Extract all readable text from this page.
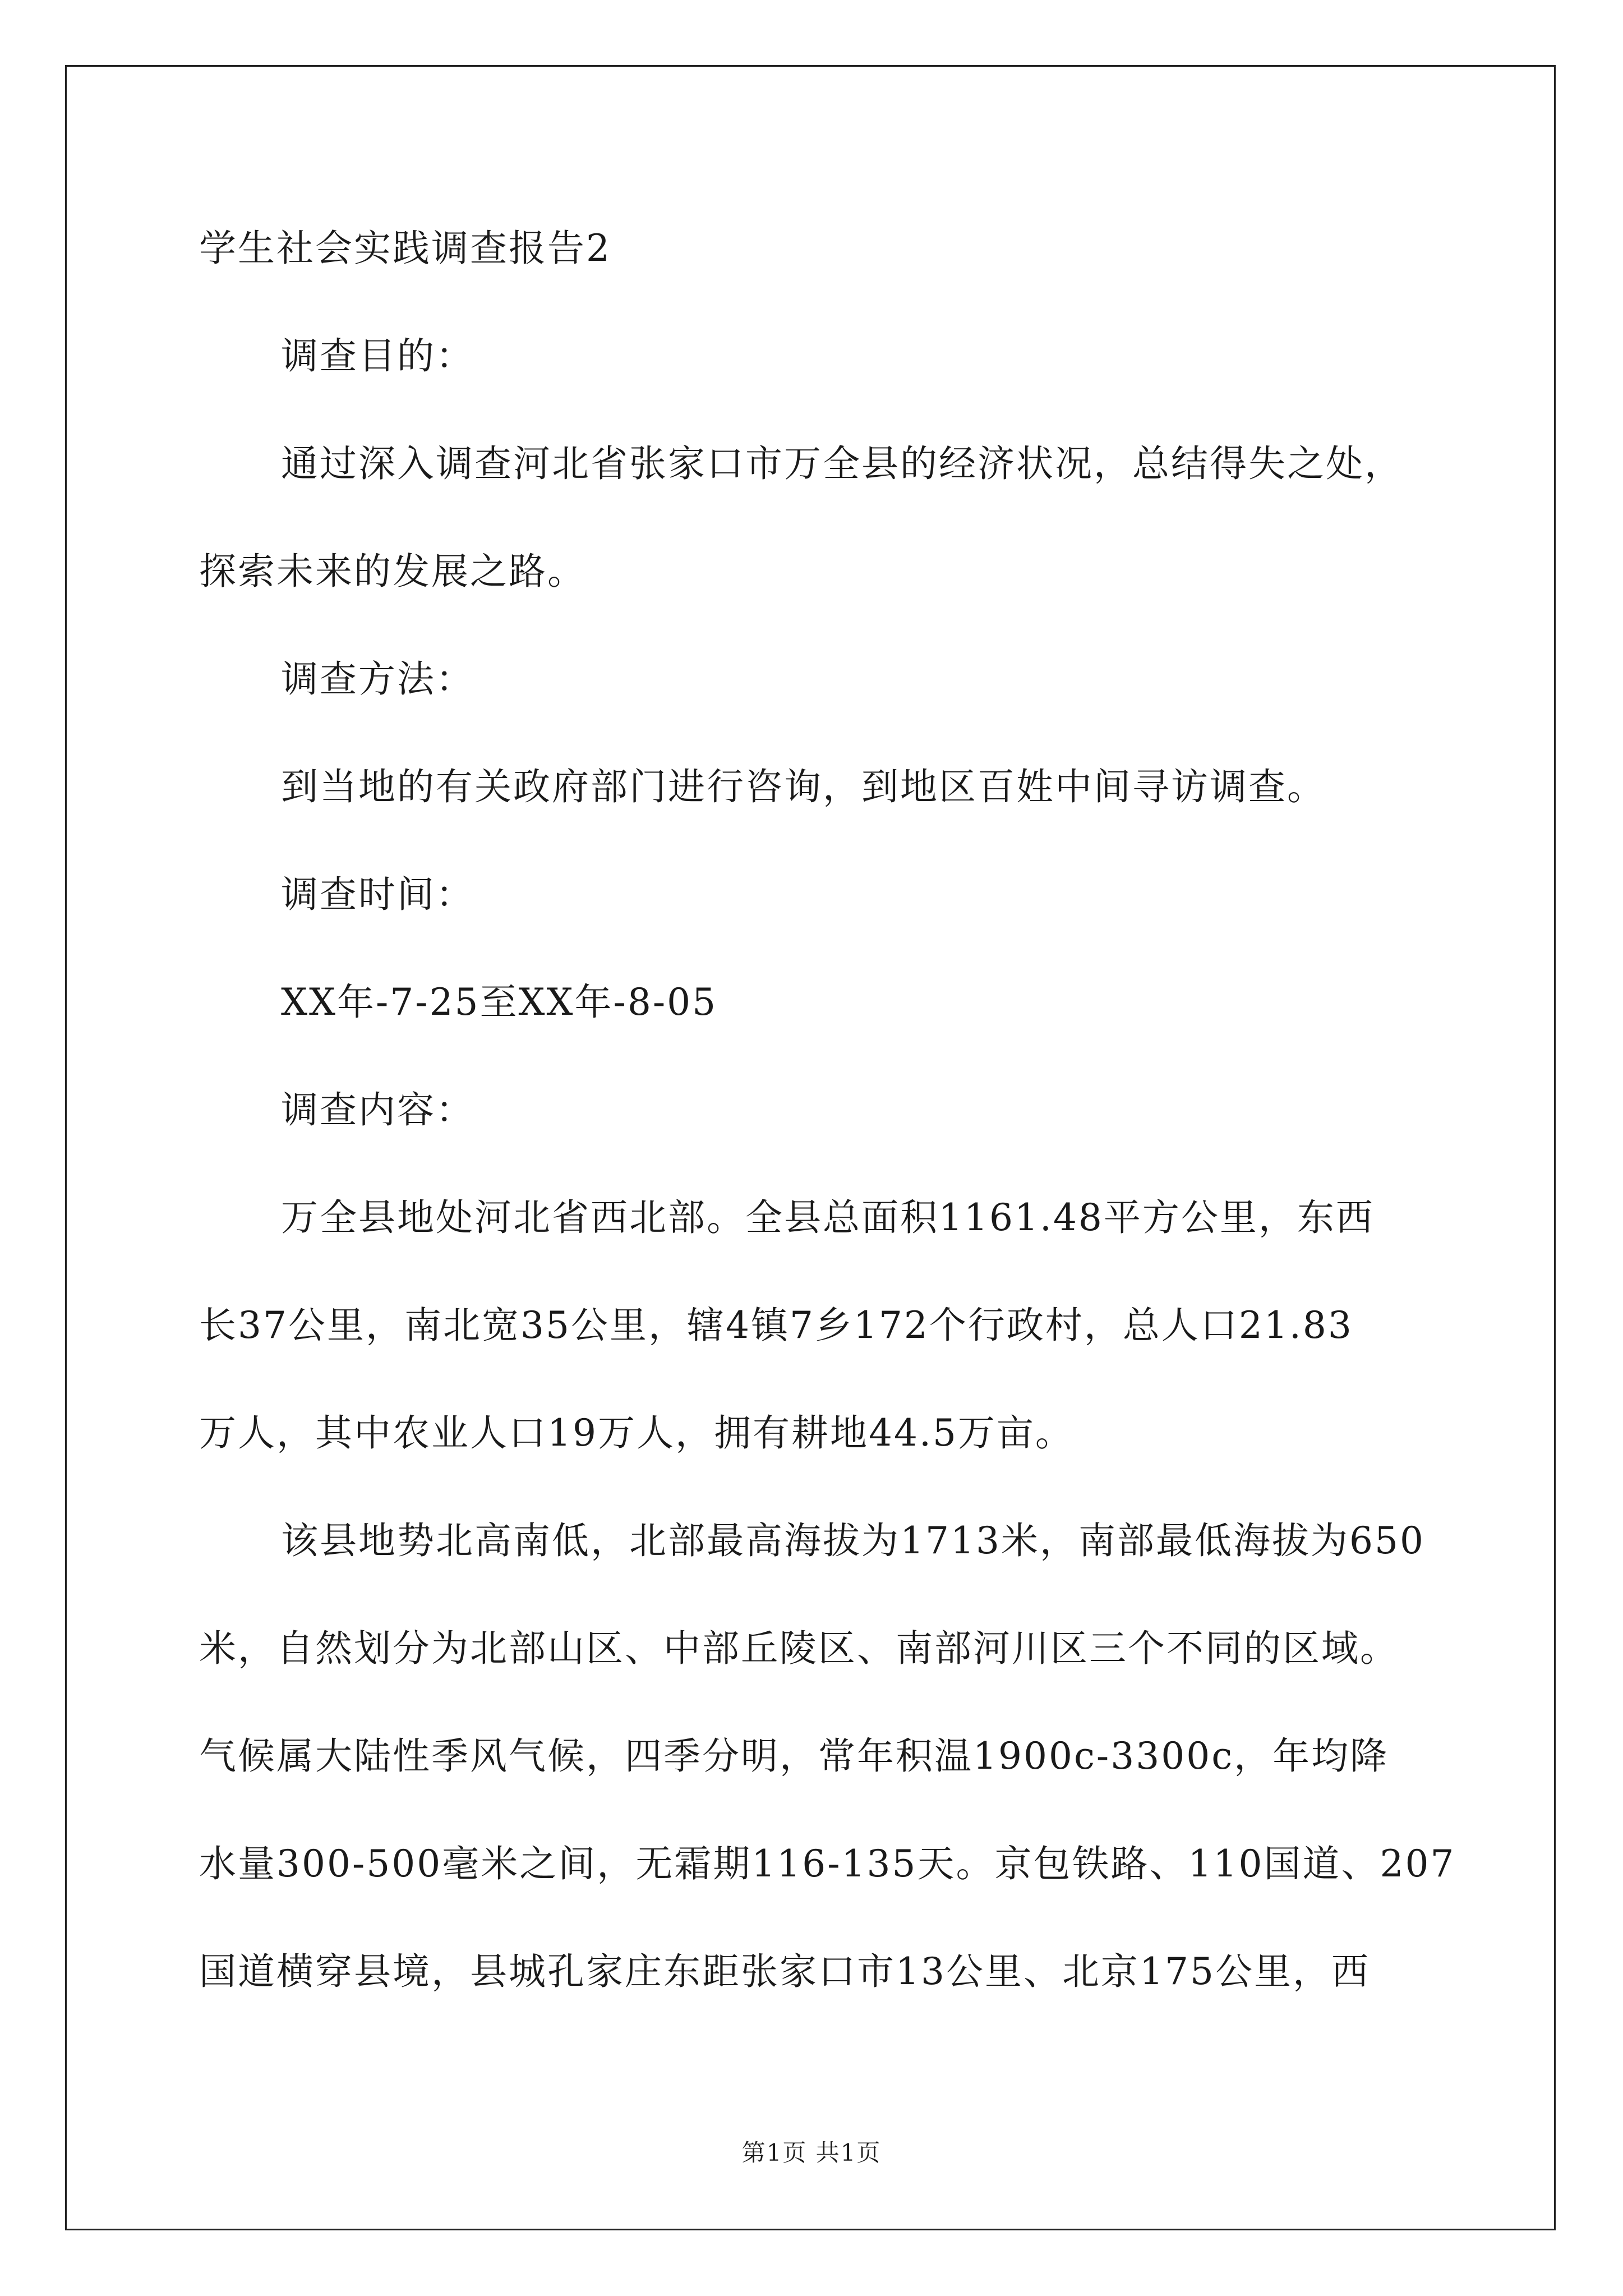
学生社会实践调查报告2
调查目的：
通过深入调查河北省张家口市万全县的经济状况，总结得失之处，
探索未来的发展之路。
调查方法：
到当地的有关政府部门进行咨询，到地区百姓中间寻访调查。
调查时间：
XX年-7-25至XX年-8-05
调查内容：
万全县地处河北省西北部。全县总面积1161.48平方公里，东西
长37公里，南北宽35公里，辖4镇7乡172个行政村，总人口21.83
万人，其中农业人口19万人，拥有耕地44.5万亩。
该县地势北高南低，北部最高海拔为1713米，南部最低海拔为650
米，自然划分为北部山区、中部丘陵区、南部河川区三个不同的区域。
气候属大陆性季风气候，四季分明，常年积温1900c-3300c，年均降
水量300-500毫米之间，无霜期116-135天。京包铁路、110国道、207
国道横穿县境，县城孔家庄东距张家口市13公里、北京175公里，西
第1页 共1页
